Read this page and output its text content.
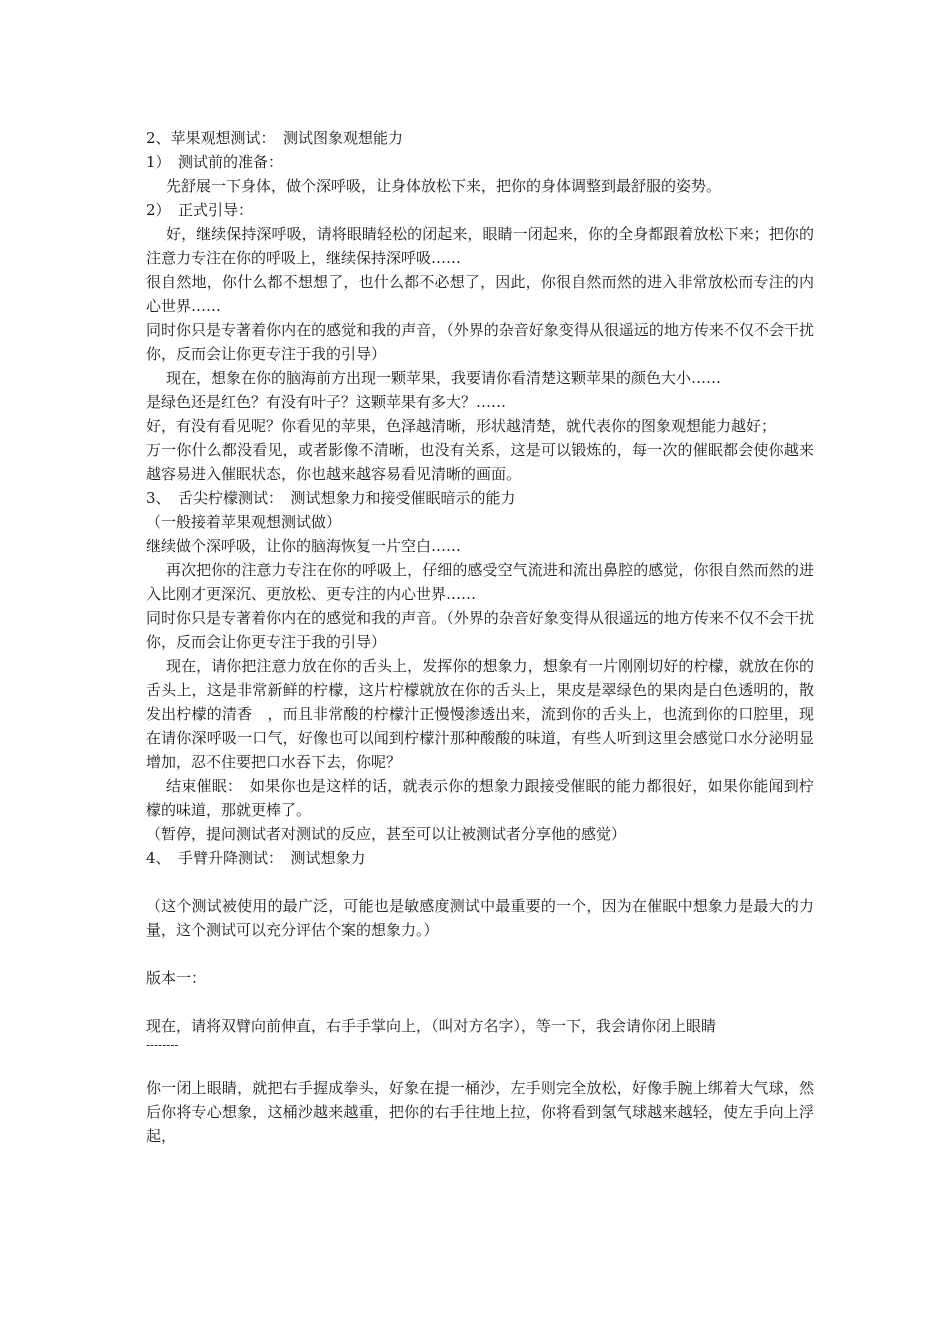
2、苹果观想测试：　测试图象观想能力

1）　测试前的准备：

先舒展一下身体，做个深呼吸，让身体放松下来，把你的身体调整到最舒服的姿势。

2）　正式引导：

好，继续保持深呼吸，请将眼睛轻松的闭起来，眼睛一闭起来，你的全身都跟着放松下来；把你的注意力专注在你的呼吸上，继续保持深呼吸……

很自然地，你什么都不想想了，也什么都不必想了，因此，你很自然而然的进入非常放松而专注的内心世界……

同时你只是专著着你内在的感觉和我的声音，（外界的杂音好象变得从很遥远的地方传来不仅不会干扰你，反而会让你更专注于我的引导）

现在，想象在你的脑海前方出现一颗苹果，我要请你看清楚这颗苹果的颜色大小……

是绿色还是红色？有没有叶子？这颗苹果有多大？……

好，有没有看见呢？你看见的苹果，色泽越清晰，形状越清楚，就代表你的图象观想能力越好；

万一你什么都没看见，或者影像不清晰，也没有关系，这是可以锻炼的，每一次的催眠都会使你越来越容易进入催眠状态，你也越来越容易看见清晰的画面。

3、　舌尖柠檬测试：　测试想象力和接受催眠暗示的能力

（一般接着苹果观想测试做）

继续做个深呼吸，让你的脑海恢复一片空白……

再次把你的注意力专注在你的呼吸上，仔细的感受空气流进和流出鼻腔的感觉，你很自然而然的进入比刚才更深沉、更放松、更专注的内心世界……

同时你只是专著着你内在的感觉和我的声音。（外界的杂音好象变得从很遥远的地方传来不仅不会干扰你，反而会让你更专注于我的引导）

现在，请你把注意力放在你的舌头上，发挥你的想象力，想象有一片刚刚切好的柠檬，就放在你的舌头上，这是非常新鲜的柠檬，这片柠檬就放在你的舌头上，果皮是翠绿色的果肉是白色透明的，散发出柠檬的清香　，而且非常酸的柠檬汁正慢慢渗透出来，流到你的舌头上，也流到你的口腔里，现在请你深呼吸一口气，好像也可以闻到柠檬汁那种酸酸的味道，有些人听到这里会感觉口水分泌明显增加，忍不住要把口水吞下去，你呢？

结束催眠：　如果你也是这样的话，就表示你的想象力跟接受催眠的能力都很好，如果你能闻到柠檬的味道，那就更棒了。

（暂停，提问测试者对测试的反应，甚至可以让被测试者分享他的感觉）

4、　手臂升降测试：　测试想象力

（这个测试被使用的最广泛，可能也是敏感度测试中最重要的一个，因为在催眠中想象力是最大的力量，这个测试可以充分评估个案的想象力。）

版本一：

现在，请将双臂向前伸直，右手手掌向上，（叫对方名字），等一下，我会请你闭上眼睛

--------

你一闭上眼睛，就把右手握成拳头，好象在提一桶沙，左手则完全放松，好像手腕上绑着大气球，然后你将专心想象，这桶沙越来越重，把你的右手往地上拉，你将看到氢气球越来越轻，使左手向上浮起，
